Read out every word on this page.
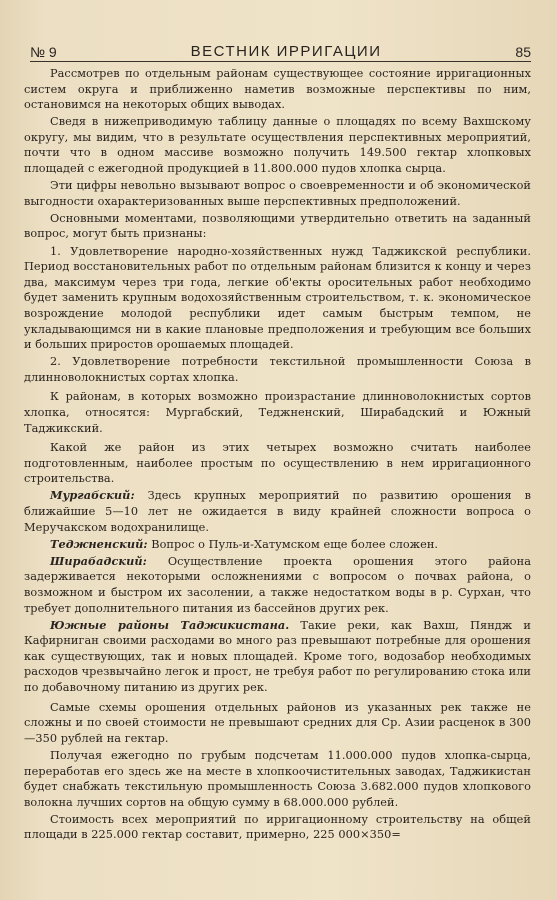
№ 9	ВЕСТНИК ИРРИГАЦИИ	85

Рассмотрев по отдельным районам существующее состояние ирригационных систем округа и приближенно наметив возможные перспективы по ним, остановимся на некоторых общих выводах.

Сведя в нижеприводимую таблицу данные о площадях по всему Вахшскому округу, мы видим, что в результате осуществления перспективных мероприятий, почти что в одном массиве возможно получить 149.500 гектар хлопковых площадей с ежегодной продукцией в 11.800.000 пудов хлопка сырца.

Эти цифры невольно вызывают вопрос о своевременности и об экономической выгодности охарактеризованных выше перспективных предположений.

Основными моментами, позволяющими утвердительно ответить на заданный вопрос, могут быть признаны:

1. Удовлетворение народно-хозяйственных нужд Таджикской республики. Период восстановительных работ по отдельным районам близится к концу и через два, максимум через три года, легкие об'екты оросительных работ необходимо будет заменить крупным водохозяйственным строительством, т. к. экономическое возрождение молодой республики идет самым быстрым темпом, не укладывающимся ни в какие плановые предположения и требующим все больших и больших приростов орошаемых площадей.

2. Удовлетворение потребности текстильной промышленности Союза в длинноволокнистых сортах хлопка.

К районам, в которых возможно произрастание длинноволокнистых сортов хлопка, относятся: Мургабский, Теджненский, Ширабадский и Южный Таджикский.

Какой же район из этих четырех возможно считать наиболее подготовленным, наиболее простым по осуществлению в нем ирригационного строительства.

Мургабский: Здесь крупных мероприятий по развитию орошения в ближайшие 5—10 лет не ожидается в виду крайней сложности вопроса о Меручакском водохранилище.

Теджненский: Вопрос о Пуль-и-Хатумском еще более сложен.

Ширабадский: Осуществление проекта орошения этого района задерживается некоторыми осложнениями с вопросом о почвах района, о возможном и быстром их засолении, а также недостатком воды в р. Сурхан, что требует дополнительного питания из бассейнов других рек.

Южные районы Таджикистана. Такие реки, как Вахш, Пяндж и Кафирниган своими расходами во много раз превышают потребные для орошения как существующих, так и новых площадей. Кроме того, водозабор необходимых расходов чрезвычайно легок и прост, не требуя работ по регулированию стока или по добавочному питанию из других рек.

Самые схемы орошения отдельных районов из указанных рек также не сложны и по своей стоимости не превышают средних для Ср. Азии расценок в 300—350 рублей на гектар.

Получая ежегодно по грубым подсчетам 11.000.000 пудов хлопка-сырца, переработав его здесь же на месте в хлопкоочистительных заводах, Таджикистан будет снабжать текстильную промышленность Союза 3.682.000 пудов хлопкового волокна лучших сортов на общую сумму в 68.000.000 рублей.

Стоимость всех мероприятий по ирригационному строительству на общей площади в 225.000 гектар составит, примерно, 225 000×350=
